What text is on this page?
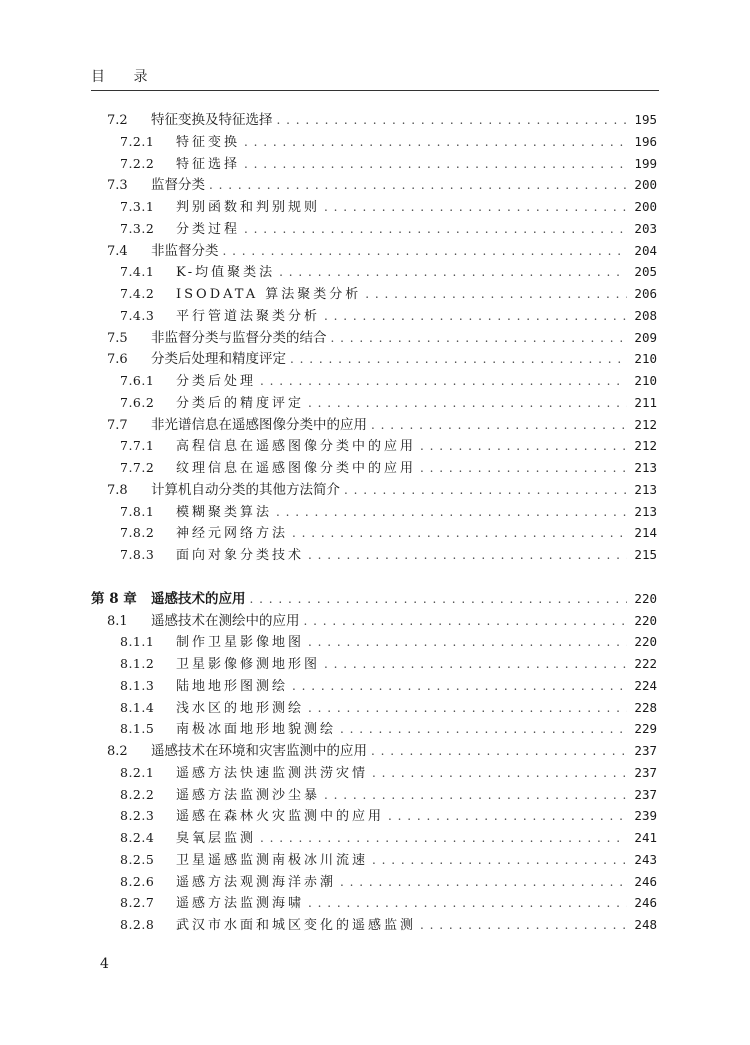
目 录
7.2	特征变换及特征选择 . . .	195
7.2.1	特征变换 . . .	196
7.2.2	特征选择 . . .	199
7.3	监督分类 . . .	200
7.3.1	判别函数和判别规则 . . .	200
7.3.2	分类过程 . . .	203
7.4	非监督分类 . . .	204
7.4.1	K-均值聚类法 . . .	205
7.4.2	ISODATA 算法聚类分析 . . .	206
7.4.3	平行管道法聚类分析 . . .	208
7.5	非监督分类与监督分类的结合 . . .	209
7.6	分类后处理和精度评定 . . .	210
7.6.1	分类后处理 . . .	210
7.6.2	分类后的精度评定 . . .	211
7.7	非光谱信息在遥感图像分类中的应用 . . .	212
7.7.1	高程信息在遥感图像分类中的应用 . . .	212
7.7.2	纹理信息在遥感图像分类中的应用 . . .	213
7.8	计算机自动分类的其他方法简介 . . .	213
7.8.1	模糊聚类算法 . . .	213
7.8.2	神经元网络方法 . . .	214
7.8.3	面向对象分类技术 . . .	215
第 8 章	遥感技术的应用 . . .	220
8.1	遥感技术在测绘中的应用 . . .	220
8.1.1	制作卫星影像地图 . . .	220
8.1.2	卫星影像修测地形图 . . .	222
8.1.3	陆地地形图测绘 . . .	224
8.1.4	浅水区的地形测绘 . . .	228
8.1.5	南极冰面地形地貌测绘 . . .	229
8.2	遥感技术在环境和灾害监测中的应用 . . .	237
8.2.1	遥感方法快速监测洪涝灾情 . . .	237
8.2.2	遥感方法监测沙尘暴 . . .	237
8.2.3	遥感在森林火灾监测中的应用 . . .	239
8.2.4	臭氧层监测 . . .	241
8.2.5	卫星遥感监测南极冰川流速 . . .	243
8.2.6	遥感方法观测海洋赤潮 . . .	246
8.2.7	遥感方法监测海啸 . . .	246
8.2.8	武汉市水面和城区变化的遥感监测 . . .	248
4
